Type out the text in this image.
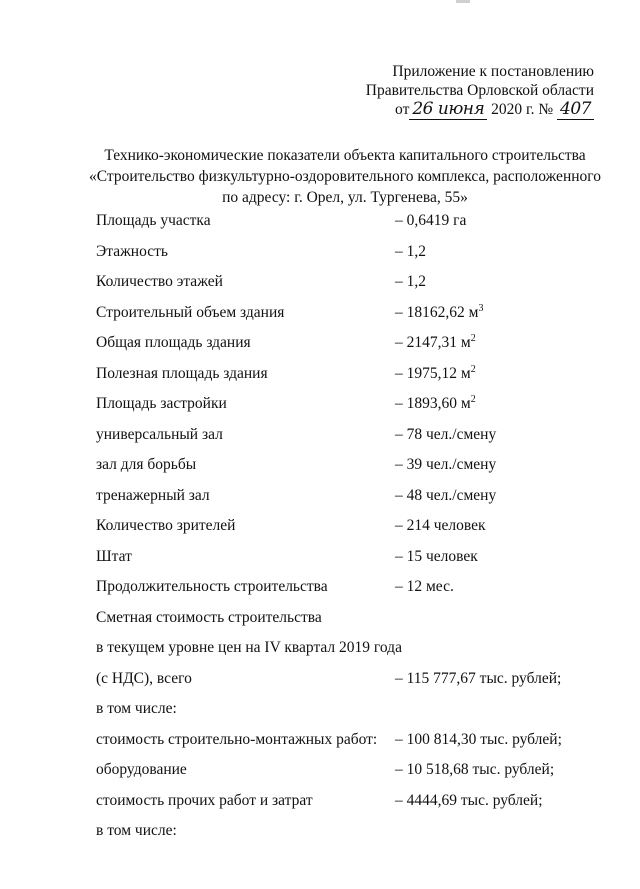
Приложение к постановлению
Правительства Орловской области
от 26 июня 2020 г. № 407
Технико-экономические показатели объекта капитального строительства
«Строительство физкультурно-оздоровительного комплекса, расположенного
по адресу: г. Орел, ул. Тургенева, 55»
Площадь участка	– 0,6419 га
Этажность	– 1,2
Количество этажей	– 1,2
Строительный объем здания	– 18162,62 $м^3$
Общая площадь здания	– 2147,31 $м^2$
Полезная площадь здания	– 1975,12 $м^2$
Площадь застройки	– 1893,60 $м^2$
универсальный зал	– 78 чел./смену
зал для борьбы	– 39 чел./смену
тренажерный зал	– 48 чел./смену
Количество зрителей	– 214 человек
Штат	– 15 человек
Продолжительность строительства	– 12 мес.
Сметная стоимость строительства
в текущем уровне цен на IV квартал 2019 года
(с НДС), всего	– 115 777,67 тыс. рублей;
в том числе:
стоимость строительно-монтажных работ: – 100 814,30 тыс. рублей;
оборудование	– 10 518,68 тыс. рублей;
стоимость прочих работ и затрат	– 4444,69 тыс. рублей;
в том числе:
